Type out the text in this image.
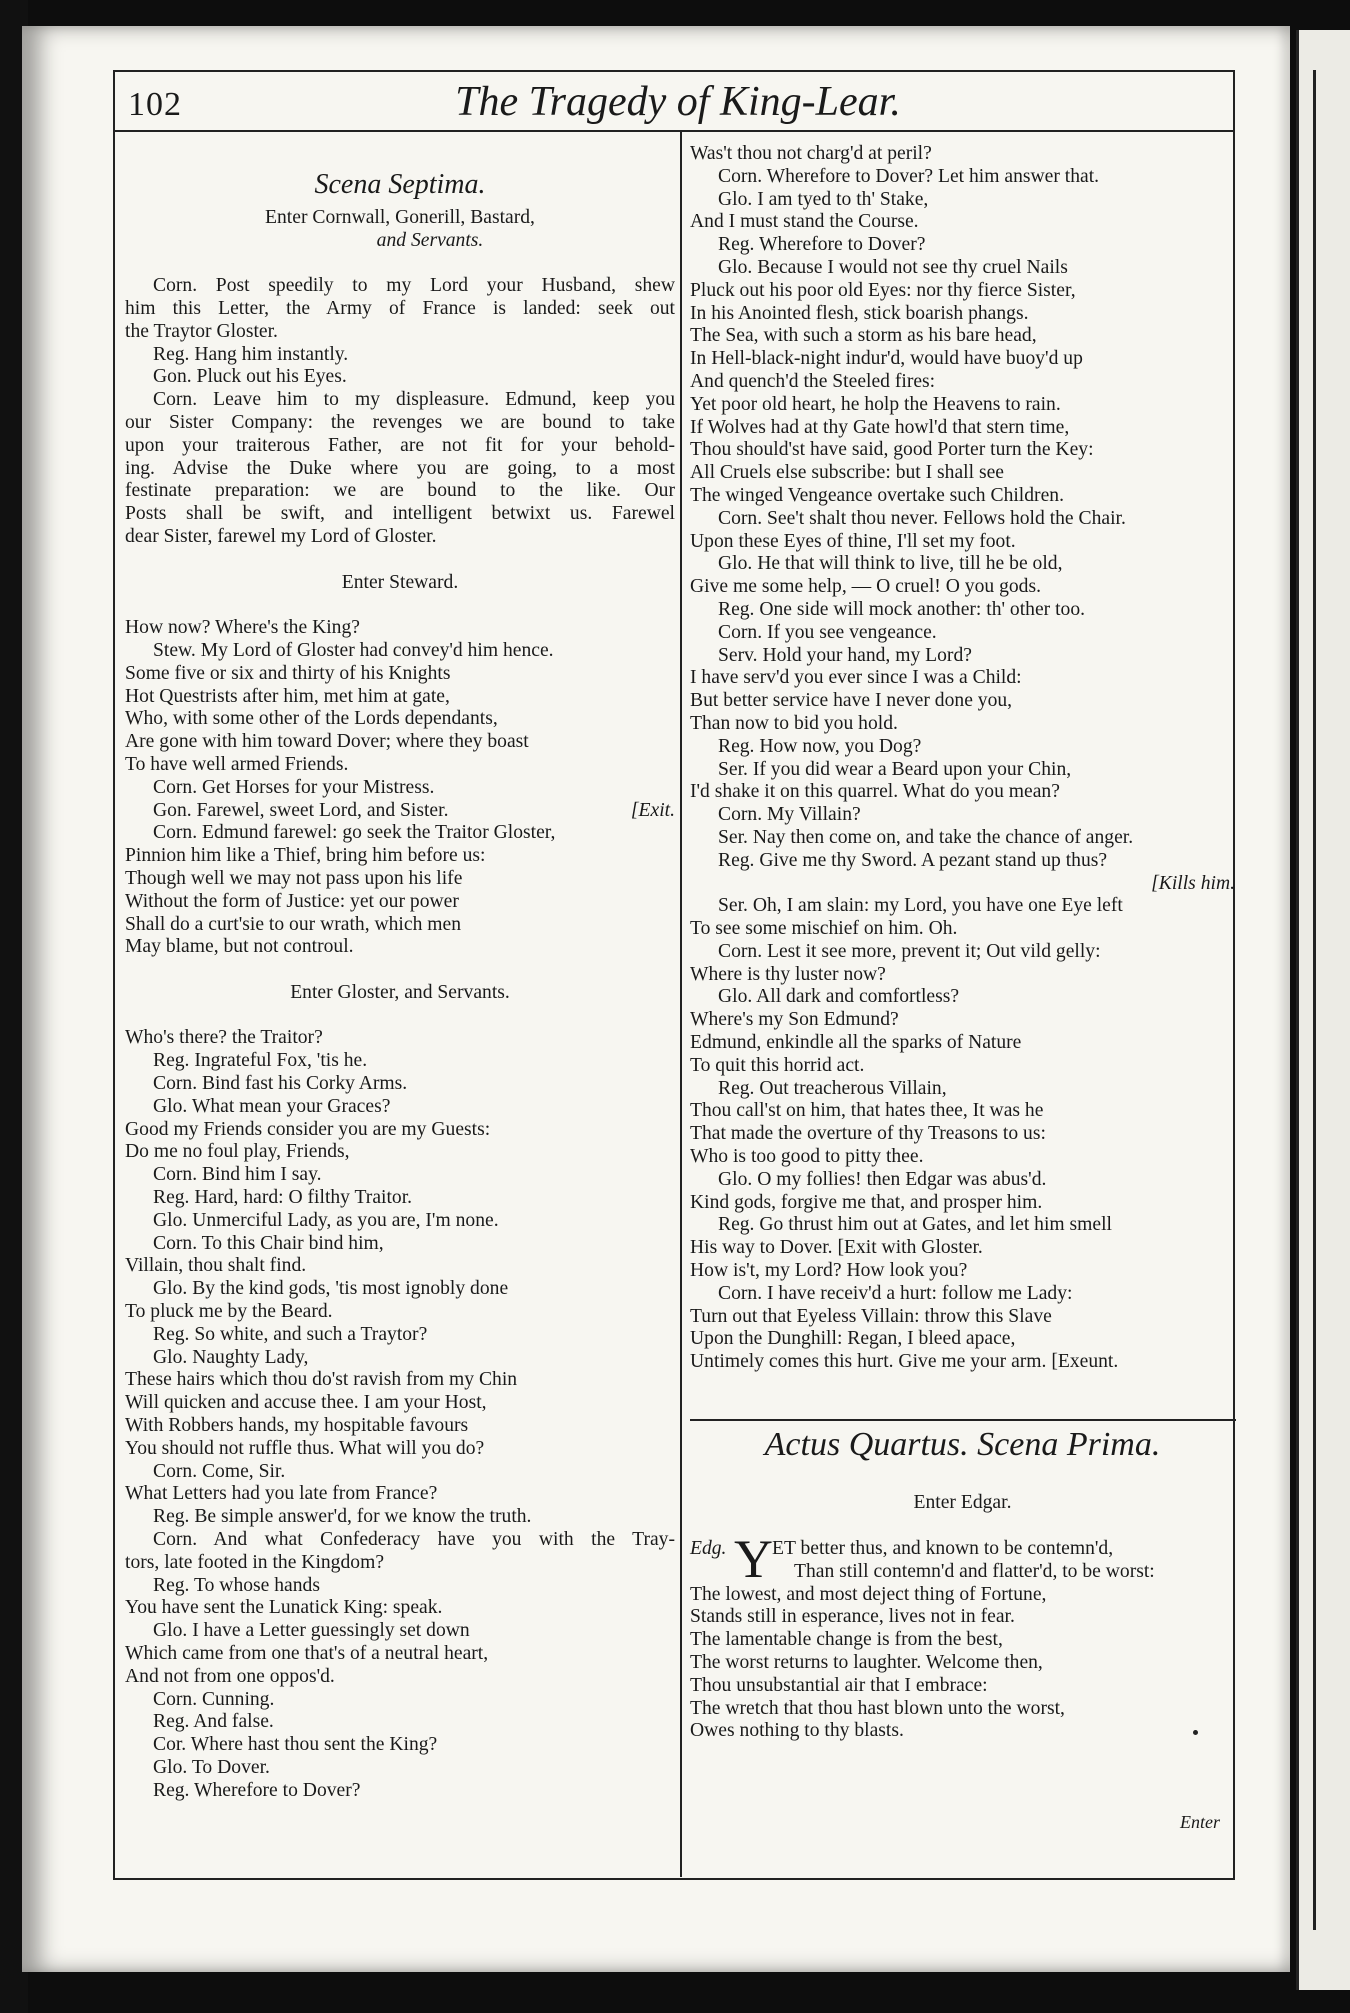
102	The Tragedy of King-Lear.
Scena Septima.
Enter Cornwall, Gonerill, Bastard,
and Servants.
Corn. Post speedily to my Lord your Husband, shew
him this Letter, the Army of France is landed: seek out
the Traytor Gloster.
Reg. Hang him instantly.
Gon. Pluck out his Eyes.
Corn. Leave him to my displeasure. Edmund, keep you
our Sister Company: the revenges we are bound to take
upon your traiterous Father, are not fit for your behold-
ing. Advise the Duke where you are going, to a most
festinate preparation: we are bound to the like. Our
Posts shall be swift, and intelligent betwixt us. Farewel
dear Sister, farewel my Lord of Gloster.
Enter Steward.
How now? Where's the King?
Stew. My Lord of Gloster had convey'd him hence.
Some five or six and thirty of his Knights
Hot Questrists after him, met him at gate,
Who, with some other of the Lords dependants,
Are gone with him toward Dover; where they boast
To have well armed Friends.
Corn. Get Horses for your Mistress.
Gon. Farewel, sweet Lord, and Sister.	[Exit.
Corn. Edmund farewel: go seek the Traitor Gloster,
Pinnion him like a Thief, bring him before us:
Though well we may not pass upon his life
Without the form of Justice: yet our power
Shall do a curt'sie to our wrath, which men
May blame, but not controul.
Enter Gloster, and Servants.
Who's there? the Traitor?
Reg. Ingrateful Fox, 'tis he.
Corn. Bind fast his Corky Arms.
Glo. What mean your Graces?
Good my Friends consider you are my Guests:
Do me no foul play, Friends,
Corn. Bind him I say.
Reg. Hard, hard: O filthy Traitor.
Glo. Unmerciful Lady, as you are, I'm none.
Corn. To this Chair bind him,
Villain, thou shalt find.
Glo. By the kind gods, 'tis most ignobly done
To pluck me by the Beard.
Reg. So white, and such a Traytor?
Glo. Naughty Lady,
These hairs which thou do'st ravish from my Chin
Will quicken and accuse thee. I am your Host,
With Robbers hands, my hospitable favours
You should not ruffle thus. What will you do?
Corn. Come, Sir.
What Letters had you late from France?
Reg. Be simple answer'd, for we know the truth.
Corn. And what Confederacy have you with the Tray-
tors, late footed in the Kingdom?
Reg. To whose hands
You have sent the Lunatick King: speak.
Glo. I have a Letter guessingly set down
Which came from one that's of a neutral heart,
And not from one oppos'd.
Corn. Cunning.
Reg. And false.
Cor. Where hast thou sent the King?
Glo. To Dover.
Reg. Wherefore to Dover?
Was't thou not charg'd at peril?
Corn. Wherefore to Dover? Let him answer that.
Glo. I am tyed to th' Stake,
And I must stand the Course.
Reg. Wherefore to Dover?
Glo. Because I would not see thy cruel Nails
Pluck out his poor old Eyes: nor thy fierce Sister,
In his Anointed flesh, stick boarish phangs.
The Sea, with such a storm as his bare head,
In Hell-black-night indur'd, would have buoy'd up
And quench'd the Steeled fires:
Yet poor old heart, he holp the Heavens to rain.
If Wolves had at thy Gate howl'd that stern time,
Thou should'st have said, good Porter turn the Key:
All Cruels else subscribe: but I shall see
The winged Vengeance overtake such Children.
Corn. See't shalt thou never. Fellows hold the Chair.
Upon these Eyes of thine, I'll set my foot.
Glo. He that will think to live, till he be old,
Give me some help, — O cruel! O you gods.
Reg. One side will mock another: th' other too.
Corn. If you see vengeance.
Serv. Hold your hand, my Lord?
I have serv'd you ever since I was a Child:
But better service have I never done you,
Than now to bid you hold.
Reg. How now, you Dog?
Ser. If you did wear a Beard upon your Chin,
I'd shake it on this quarrel. What do you mean?
Corn. My Villain?
Ser. Nay then come on, and take the chance of anger.
Reg. Give me thy Sword. A pezant stand up thus?
[Kills him.
Ser. Oh, I am slain: my Lord, you have one Eye left
To see some mischief on him. Oh.
Corn. Lest it see more, prevent it; Out vild gelly:
Where is thy luster now?
Glo. All dark and comfortless?
Where's my Son Edmund?
Edmund, enkindle all the sparks of Nature
To quit this horrid act.
Reg. Out treacherous Villain,
Thou call'st on him, that hates thee, It was he
That made the overture of thy Treasons to us:
Who is too good to pitty thee.
Glo. O my follies! then Edgar was abus'd.
Kind gods, forgive me that, and prosper him.
Reg. Go thrust him out at Gates, and let him smell
His way to Dover. [Exit with Gloster.
How is't, my Lord? How look you?
Corn. I have receiv'd a hurt: follow me Lady:
Turn out that Eyeless Villain: throw this Slave
Upon the Dunghill: Regan, I bleed apace,
Untimely comes this hurt. Give me your arm. [Exeunt.
Actus Quartus. Scena Prima.
Enter Edgar.
Edg. Y ET better thus, and known to be contemn'd,
Than still contemn'd and flatter'd, to be worst:
The lowest, and most deject thing of Fortune,
Stands still in esperance, lives not in fear.
The lamentable change is from the best,
The worst returns to laughter. Welcome then,
Thou unsubstantial air that I embrace:
The wretch that thou hast blown unto the worst,
Owes nothing to thy blasts.
Enter
